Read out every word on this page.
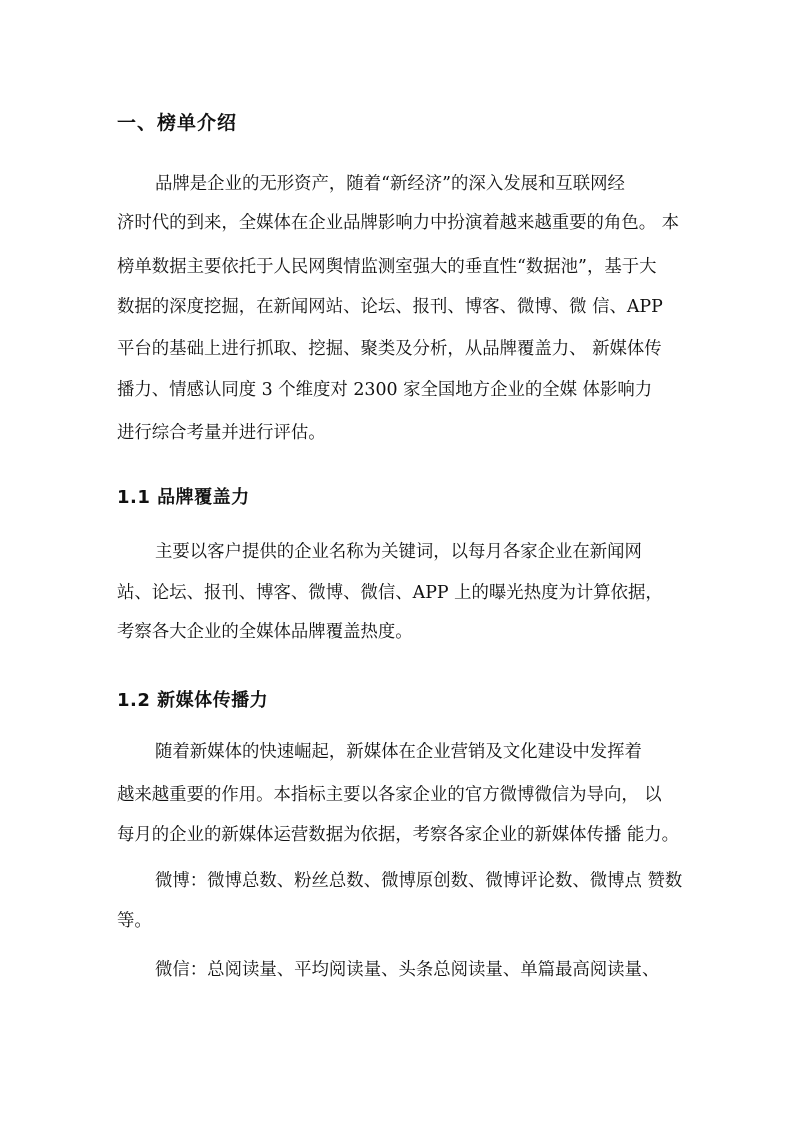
一、榜单介绍
品牌是企业的无形资产，随着“新经济”的深入发展和互联网经
济时代的到来，全媒体在企业品牌影响力中扮演着越来越重要的角色。 本
榜单数据主要依托于人民网舆情监测室强大的垂直性“数据池”，基于大
数据的深度挖掘，在新闻网站、论坛、报刊、博客、微博、微 信、APP
平台的基础上进行抓取、挖掘、聚类及分析，从品牌覆盖力、 新媒体传
播力、情感认同度 3 个维度对 2300 家全国地方企业的全媒 体影响力
进行综合考量并进行评估。
1.1 品牌覆盖力
主要以客户提供的企业名称为关键词，以每月各家企业在新闻网
站、论坛、报刊、博客、微博、微信、APP 上的曝光热度为计算依据，
考察各大企业的全媒体品牌覆盖热度。
1.2 新媒体传播力
随着新媒体的快速崛起，新媒体在企业营销及文化建设中发挥着
越来越重要的作用。本指标主要以各家企业的官方微博微信为导向， 以
每月的企业的新媒体运营数据为依据，考察各家企业的新媒体传播 能力。
微博：微博总数、粉丝总数、微博原创数、微博评论数、微博点 赞数
等。
微信：总阅读量、平均阅读量、头条总阅读量、单篇最高阅读量、
